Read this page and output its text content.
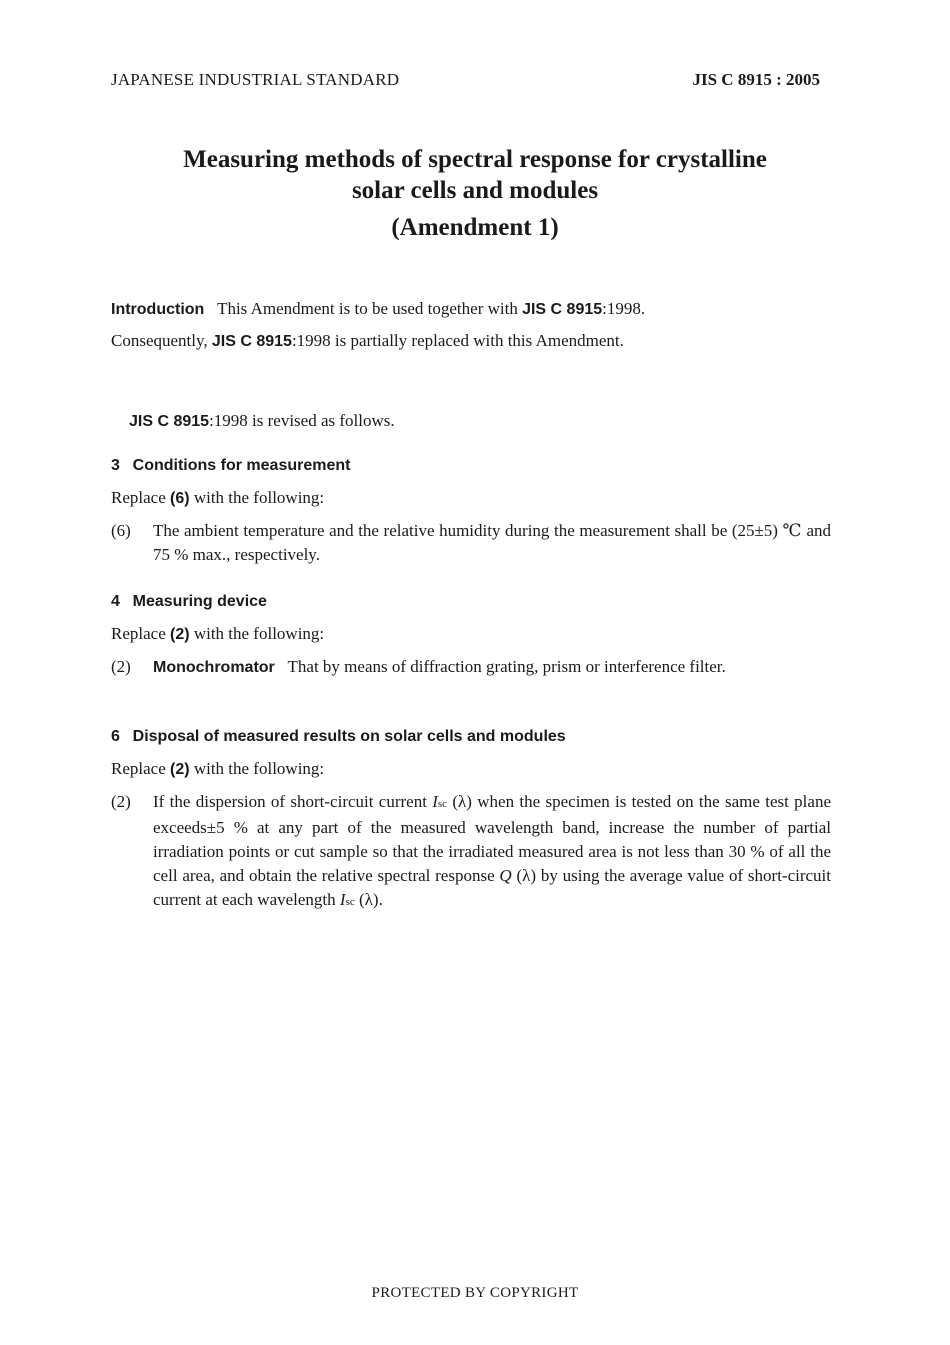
JAPANESE INDUSTRIAL STANDARD	JIS C 8915 : 2005
Measuring methods of spectral response for crystalline
solar cells and modules
(Amendment 1)
Introduction This Amendment is to be used together with JIS C 8915:1998.
Consequently, JIS C 8915:1998 is partially replaced with this Amendment.
JIS C 8915:1998 is revised as follows.
3 Conditions for measurement
Replace (6) with the following:
(6) The ambient temperature and the relative humidity during the measurement shall be (25±5) ℃ and 75 % max., respectively.
4 Measuring device
Replace (2) with the following:
(2) Monochromator That by means of diffraction grating, prism or interference filter.
6 Disposal of measured results on solar cells and modules
Replace (2) with the following:
(2) If the dispersion of short-circuit current Isc (λ) when the specimen is tested on the same test plane exceeds±5 % at any part of the measured wavelength band, increase the number of partial irradiation points or cut sample so that the irradiated measured area is not less than 30 % of all the cell area, and obtain the relative spectral response Q (λ) by using the average value of short-circuit current at each wavelength Isc (λ).
PROTECTED BY COPYRIGHT
